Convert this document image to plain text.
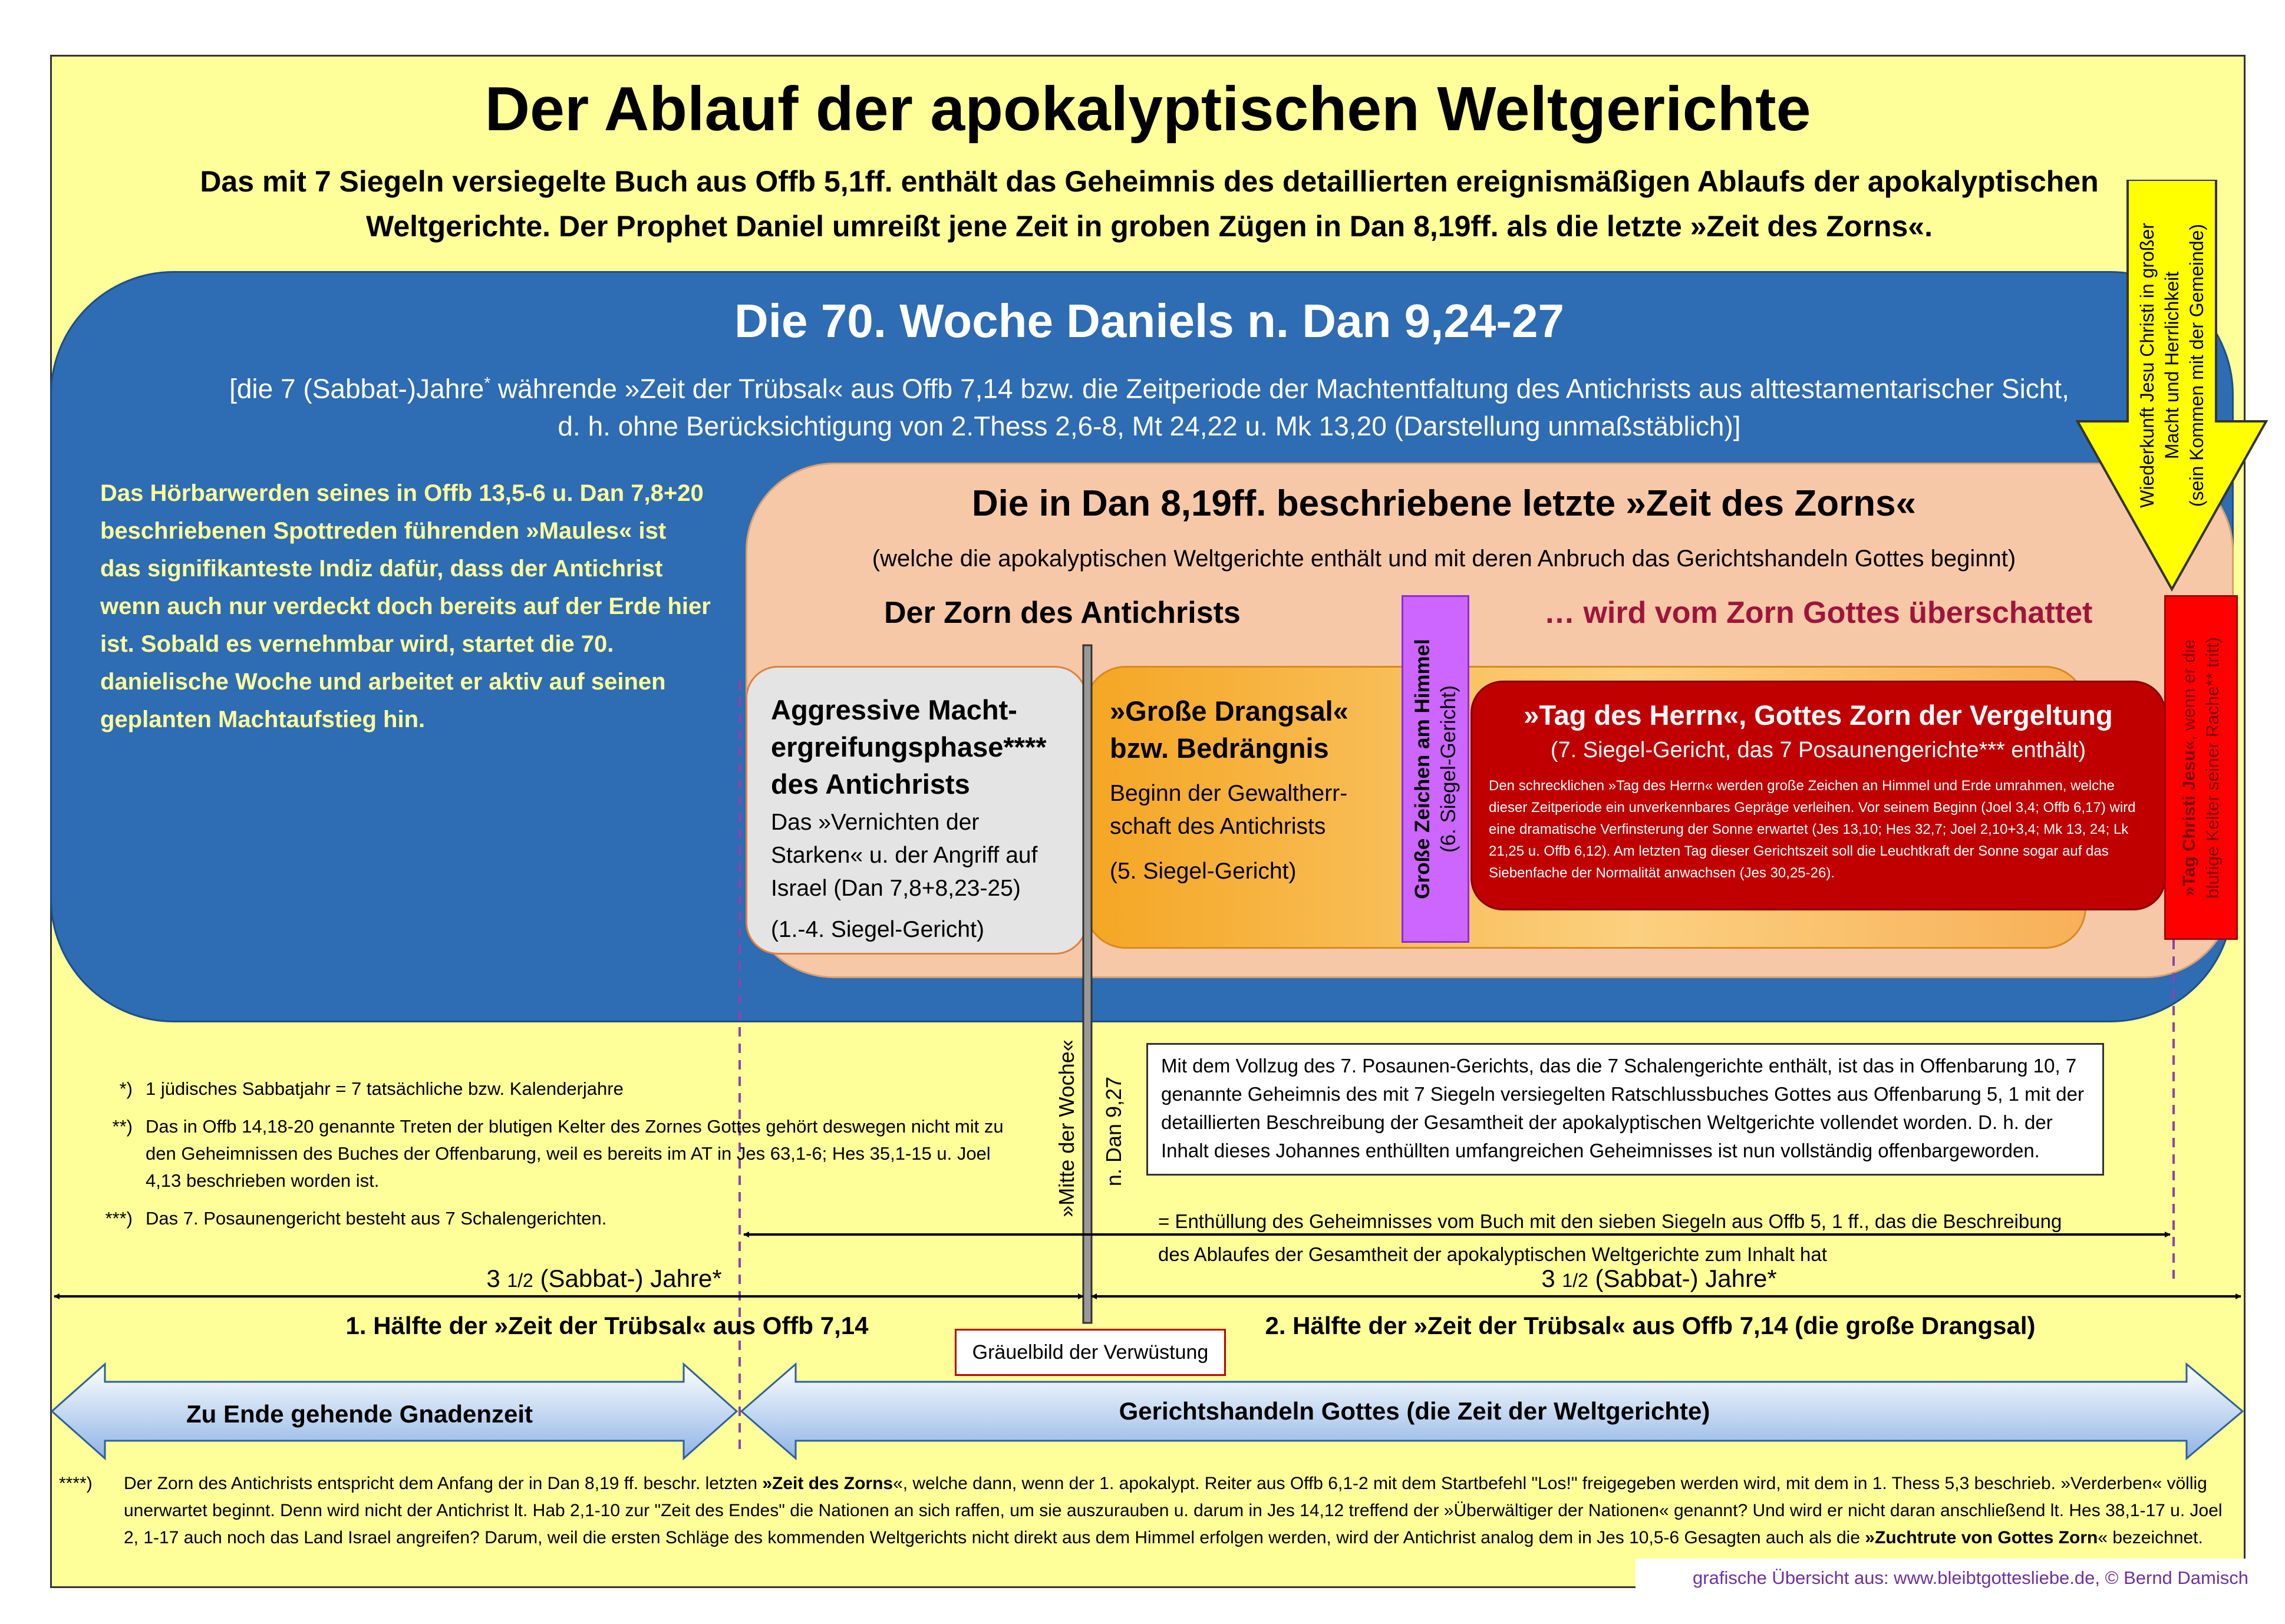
Der Ablauf der apokalyptischen Weltgerichte
Das mit 7 Siegeln versiegelte Buch aus Offb 5,1ff. enthält das Geheimnis des detaillierten ereignismäßigen Ablaufs der apokalyptischen
Weltgerichte. Der Prophet Daniel umreißt jene Zeit in groben Zügen in Dan 8,19ff. als die letzte »Zeit des Zorns«.
Die 70. Woche Daniels n. Dan 9,24-27
[die 7 (Sabbat-)Jahre* währende »Zeit der Trübsal« aus Offb 7,14 bzw. die Zeitperiode der Machtentfaltung des Antichrists aus alttestamentarischer Sicht,
d. h. ohne Berücksichtigung von 2.Thess 2,6-8, Mt 24,22 u. Mk 13,20 (Darstellung unmaßstäblich)]
Das Hörbarwerden seines in Offb 13,5-6 u. Dan 7,8+20 beschriebenen Spottreden führenden »Maules« ist das signifikanteste Indiz dafür, dass der Antichrist wenn auch nur verdeckt doch bereits auf der Erde hier ist. Sobald es vernehmbar wird, startet die 70. danielische Woche und arbeitet er aktiv auf seinen geplanten Machtaufstieg hin.
Die in Dan 8,19ff. beschriebene letzte »Zeit des Zorns«
(welche die apokalyptischen Weltgerichte enthält und mit deren Anbruch das Gerichtshandeln Gottes beginnt)
Der Zorn des Antichrists	… wird vom Zorn Gottes überschattet
»Große Drangsal« bzw. Bedrängnis
Beginn der Gewaltherr-schaft des Antichrists
(5. Siegel-Gericht)
Aggressive Macht-ergreifungsphase**** des Antichrists
Das »Vernichten der Starken« u. der Angriff auf Israel (Dan 7,8+8,23-25)
(1.-4. Siegel-Gericht)
»Tag des Herrn«, Gottes Zorn der Vergeltung
(7. Siegel-Gericht, das 7 Posaunengerichte*** enthält)
Den schrecklichen »Tag des Herrn« werden große Zeichen an Himmel und Erde umrahmen, welche dieser Zeitperiode ein unverkennbares Gepräge verleihen. Vor seinem Beginn (Joel 3,4; Offb 6,17) wird eine dramatische Verfinsterung der Sonne erwartet (Jes 13,10; Hes 32,7; Joel 2,10+3,4; Mk 13, 24; Lk 21,25 u. Offb 6,12). Am letzten Tag dieser Gerichtszeit soll die Leuchtkraft der Sonne sogar auf das Siebenfache der Normalität anwachsen (Jes 30,25-26).
Große Zeichen am Himmel (6. Siegel-Gericht)	»Tag Christi Jesu«, wenn er die blutige Kelter seiner Rache** tritt)
Wiederkunft Jesu Christi in großer Macht und Herrlichkeit (sein Kommen mit der Gemeinde)
*) 1 jüdisches Sabbatjahr = 7 tatsächliche bzw. Kalenderjahre
**) Das in Offb 14,18-20 genannte Treten der blutigen Kelter des Zornes Gottes gehört deswegen nicht mit zu den Geheimnissen des Buches der Offenbarung, weil es bereits im AT in Jes 63,1-6; Hes 35,1-15 u. Joel 4,13 beschrieben worden ist.
***) Das 7. Posaunengericht besteht aus 7 Schalengerichten.
Mit dem Vollzug des 7. Posaunen-Gerichts, das die 7 Schalengerichte enthält, ist das in Offenbarung 10, 7 genannte Geheimnis des mit 7 Siegeln versiegelten Ratschlussbuches Gottes aus Offenbarung 5, 1 mit der detaillierten Beschreibung der Gesamtheit der apokalyptischen Weltgerichte vollendet worden. D. h. der Inhalt dieses Johannes enthüllten umfangreichen Geheimnisses ist nun vollständig offenbargeworden.
»Mitte der Woche« n. Dan 9,27
= Enthüllung des Geheimnisses vom Buch mit den sieben Siegeln aus Offb 5, 1 ff., das die Beschreibung des Ablaufes der Gesamtheit der apokalyptischen Weltgerichte zum Inhalt hat
3 1/2 (Sabbat-) Jahre*	3 1/2 (Sabbat-) Jahre*
1. Hälfte der »Zeit der Trübsal« aus Offb 7,14	2. Hälfte der »Zeit der Trübsal« aus Offb 7,14 (die große Drangsal)
Gräuelbild der Verwüstung
Zu Ende gehende Gnadenzeit	Gerichtshandeln Gottes (die Zeit der Weltgerichte)
****)	Der Zorn des Antichrists entspricht dem Anfang der in Dan 8,19 ff. beschr. letzten »Zeit des Zorns«, welche dann, wenn der 1. apokalypt. Reiter aus Offb 6,1-2 mit dem Startbefehl "Los!" freigegeben werden wird, mit dem in 1. Thess 5,3 beschrieb. »Verderben« völlig unerwartet beginnt. Denn wird nicht der Antichrist lt. Hab 2,1-10 zur "Zeit des Endes" die Nationen an sich raffen, um sie auszurauben u. darum in Jes 14,12 treffend der »Überwältiger der Nationen« genannt? Und wird er nicht daran anschließend lt. Hes 38,1-17 u. Joel 2, 1-17 auch noch das Land Israel angreifen? Darum, weil die ersten Schläge des kommenden Weltgerichts nicht direkt aus dem Himmel erfolgen werden, wird der Antichrist analog dem in Jes 10,5-6 Gesagten auch als die »Zuchtrute von Gottes Zorn« bezeichnet.
grafische Übersicht aus: www.bleibtgottesliebe.de, © Bernd Damisch
